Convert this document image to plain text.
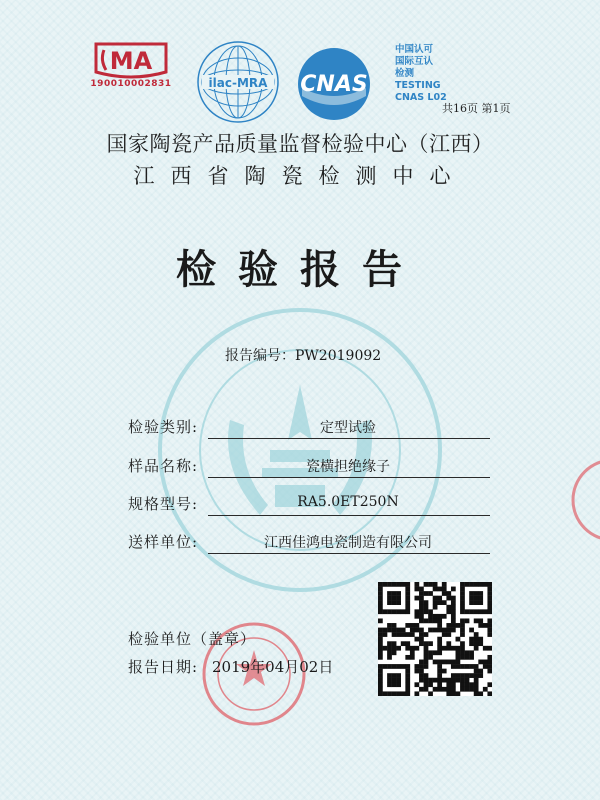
MA
190010002831	ilac-MRA CNAS
中国认可
国际互认
检测
TESTING
CNAS L02
共16页 第1页
国家陶瓷产品质量监督检验中心（江西）
江西省陶瓷检测中心
检验报告
报告编号：PW2019092
检验类别:	定型试验
样品名称:	瓷横担绝缘子
规格型号:	RA5.0ET250N
送样单位:	江西佳鸿电瓷制造有限公司
检验单位（盖章）
报告日期: 2019年04月02日
